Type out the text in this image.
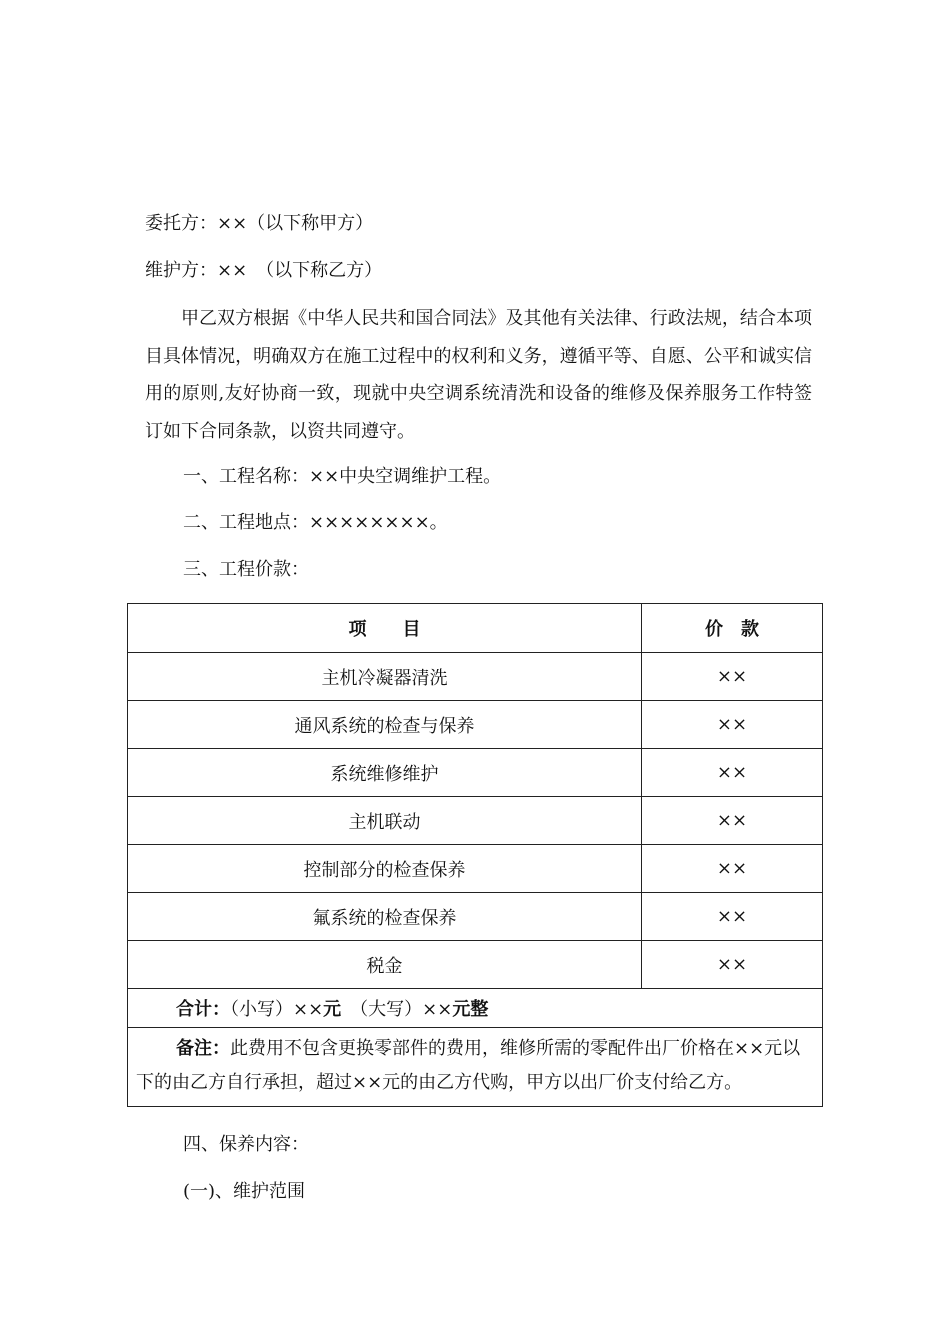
委托方：××（以下称甲方）
维护方：××　（以下称乙方）
甲乙双方根据《中华人民共和国合同法》及其他有关法律、行政法规，结合本项目具体情况，明确双方在施工过程中的权利和义务，遵循平等、自愿、公平和诚实信用的原则,友好协商一致，现就中央空调系统清洗和设备的维修及保养服务工作特签订如下合同条款，以资共同遵守。
一、工程名称：××中央空调维护工程。
二、工程地点：××××××××。
三、工程价款：
项　　目	价　款
主机冷凝器清洗	××
通风系统的检查与保养	××
系统维修维护	××
主机联动	××
控制部分的检查保养	××
氟系统的检查保养	××
税金	××
合计：（小写）××元　 （大写）××元整	
备注：此费用不包含更换零部件的费用，维修所需的零配件出厂价格在××元以下的由乙方自行承担，超过××元的由乙方代购，甲方以出厂价支付给乙方。	
四、保养内容：
(一)、维护范围
